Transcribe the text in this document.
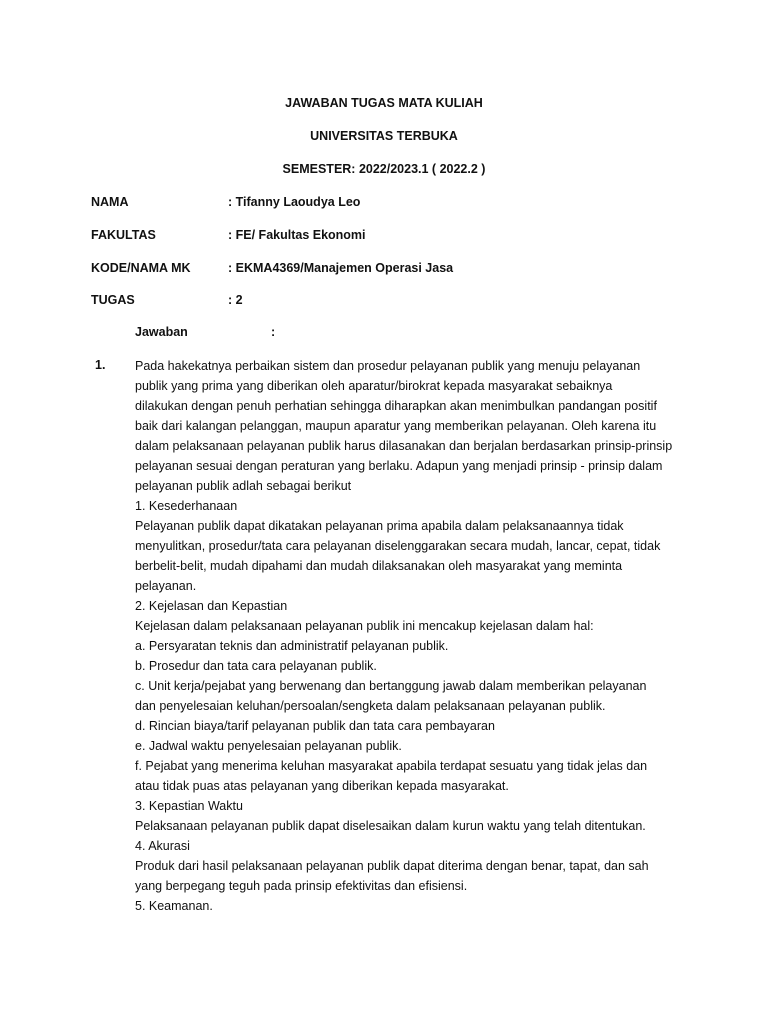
JAWABAN TUGAS MATA KULIAH
UNIVERSITAS TERBUKA
SEMESTER: 2022/2023.1 ( 2022.2 )
NAMA	: Tifanny Laoudya Leo
FAKULTAS	: FE/ Fakultas Ekonomi
KODE/NAMA MK	: EKMA4369/Manajemen Operasi Jasa
TUGAS	: 2
Jawaban	:
1. Pada hakekatnya perbaikan sistem dan prosedur pelayanan publik yang menuju pelayanan
publik yang prima yang diberikan oleh aparatur/birokrat kepada masyarakat sebaiknya
dilakukan dengan penuh perhatian sehingga diharapkan akan menimbulkan pandangan positif
baik dari kalangan pelanggan, maupun aparatur yang memberikan pelayanan. Oleh karena itu
dalam pelaksanaan pelayanan publik harus dilasanakan dan berjalan berdasarkan prinsip-prinsip
pelayanan sesuai dengan peraturan yang berlaku. Adapun yang menjadi prinsip - prinsip dalam
pelayanan publik adlah sebagai berikut
1. Kesederhanaan
Pelayanan publik dapat dikatakan pelayanan prima apabila dalam pelaksanaannya tidak
menyulitkan, prosedur/tata cara pelayanan diselenggarakan secara mudah, lancar, cepat, tidak
berbelit-belit, mudah dipahami dan mudah dilaksanakan oleh masyarakat yang meminta
pelayanan.
2. Kejelasan dan Kepastian
Kejelasan dalam pelaksanaan pelayanan publik ini mencakup kejelasan dalam hal:
a. Persyaratan teknis dan administratif pelayanan publik.
b. Prosedur dan tata cara pelayanan publik.
c. Unit kerja/pejabat yang berwenang dan bertanggung jawab dalam memberikan pelayanan
dan penyelesaian keluhan/persoalan/sengketa dalam pelaksanaan pelayanan publik.
d. Rincian biaya/tarif pelayanan publik dan tata cara pembayaran
e. Jadwal waktu penyelesaian pelayanan publik.
f. Pejabat yang menerima keluhan masyarakat apabila terdapat sesuatu yang tidak jelas dan
atau tidak puas atas pelayanan yang diberikan kepada masyarakat.
3. Kepastian Waktu
Pelaksanaan pelayanan publik dapat diselesaikan dalam kurun waktu yang telah ditentukan.
4. Akurasi
Produk dari hasil pelaksanaan pelayanan publik dapat diterima dengan benar, tapat, dan sah
yang berpegang teguh pada prinsip efektivitas dan efisiensi.
5. Keamanan.
